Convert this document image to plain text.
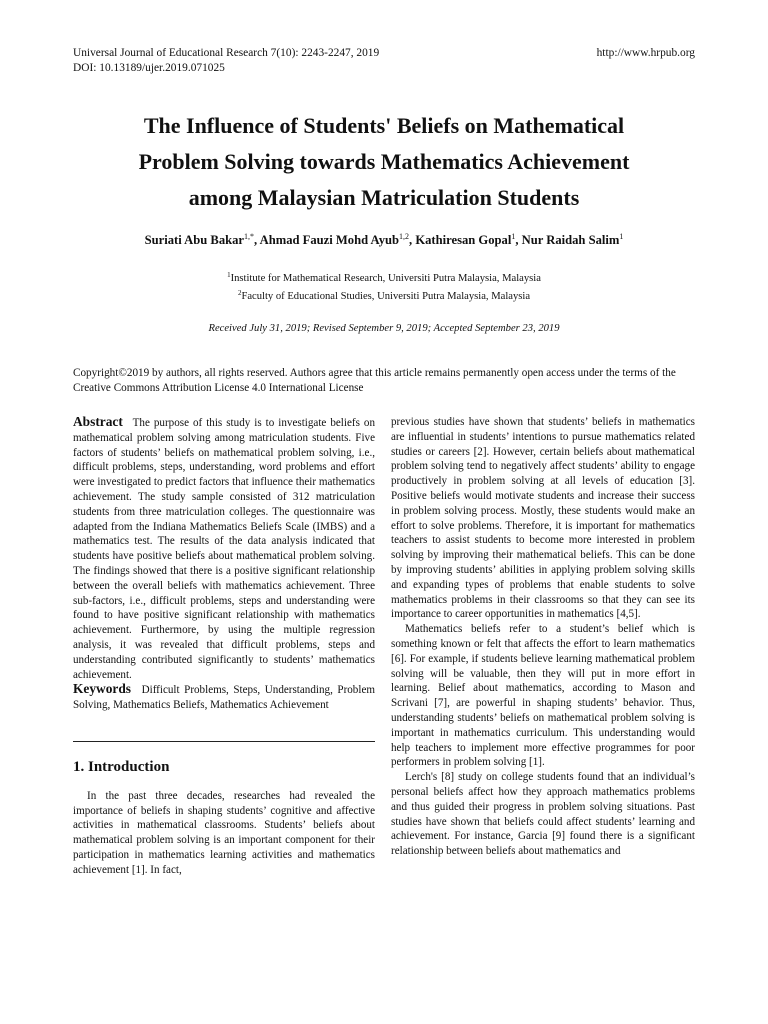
Universal Journal of Educational Research 7(10): 2243-2247, 2019
DOI: 10.13189/ujer.2019.071025
http://www.hrpub.org
The Influence of Students' Beliefs on Mathematical
Problem Solving towards Mathematics Achievement
among Malaysian Matriculation Students
Suriati Abu Bakar$^{1,*}$, Ahmad Fauzi Mohd Ayub$^{1,2}$, Kathiresan Gopal$^1$, Nur Raidah Salim$^1$
$^1$Institute for Mathematical Research, Universiti Putra Malaysia, Malaysia
$^2$Faculty of Educational Studies, Universiti Putra Malaysia, Malaysia
Received July 31, 2019; Revised September 9, 2019; Accepted September 23, 2019
Copyright©2019 by authors, all rights reserved. Authors agree that this article remains permanently open access under the terms of the Creative Commons Attribution License 4.0 International License

Abstract The purpose of this study is to investigate beliefs on mathematical problem solving among matriculation students. Five factors of students’ beliefs on mathematical problem solving, i.e., difficult problems, steps, understanding, word problems and effort were investigated to predict factors that influence their mathematics achievement. The study sample consisted of 312 matriculation students from three matriculation colleges. The questionnaire was adapted from the Indiana Mathematics Beliefs Scale (IMBS) and a mathematics test. The results of the data analysis indicated that students have positive beliefs about mathematical problem solving. The findings showed that there is a positive significant relationship between the overall beliefs with mathematics achievement. Three sub-factors, i.e., difficult problems, steps and understanding were found to have positive significant relationship with mathematics achievement. Furthermore, by using the multiple regression analysis, it was revealed that difficult problems, steps and understanding contributed significantly to students’ mathematics achievement.

Keywords Difficult Problems, Steps, Understanding, Problem Solving, Mathematics Beliefs, Mathematics Achievement

1. Introduction

In the past three decades, researches had revealed the importance of beliefs in shaping students’ cognitive and affective activities in mathematical classrooms. Students’ beliefs about mathematical problem solving is an important component for their participation in mathematics learning activities and mathematics achievement [1]. In fact,

previous studies have shown that students’ beliefs in mathematics are influential in students’ intentions to pursue mathematics related studies or careers [2]. However, certain beliefs about mathematical problem solving tend to negatively affect students’ ability to engage productively in problem solving at all levels of education [3]. Positive beliefs would motivate students and increase their success in problem solving process. Mostly, these students would make an effort to solve problems. Therefore, it is important for mathematics teachers to assist students to become more interested in problem solving by improving their mathematical beliefs. This can be done by improving students’ abilities in applying problem solving skills and expanding types of problems that enable students to solve mathematics problems in their classrooms so that they can see its importance to career opportunities in mathematics [4,5].

Mathematics beliefs refer to a student’s belief which is something known or felt that affects the effort to learn mathematics [6]. For example, if students believe learning mathematical problem solving will be valuable, then they will put in more effort in learning. Belief about mathematics, according to Mason and Scrivani [7], are powerful in shaping students’ behavior. Thus, understanding students’ beliefs on mathematical problem solving is important in mathematics curriculum. This understanding would help teachers to implement more effective programmes for poor performers in problem solving [1].

Lerch's [8] study on college students found that an individual’s personal beliefs affect how they approach mathematics problems and thus guided their progress in problem solving situations. Past studies have shown that beliefs could affect students’ learning and achievement. For instance, Garcia [9] found there is a significant relationship between beliefs about mathematics and
